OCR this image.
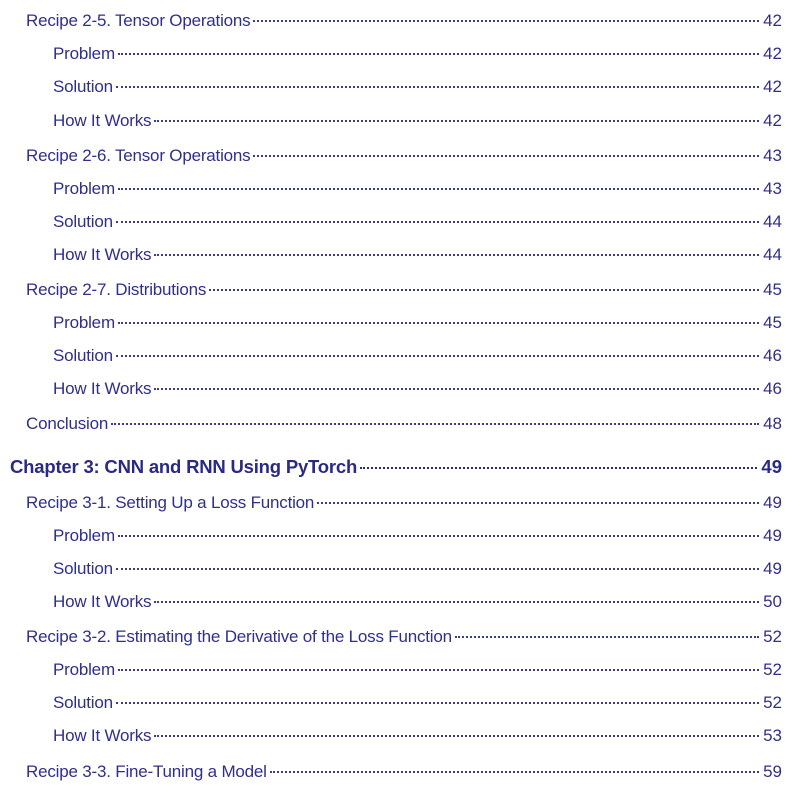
Recipe 2-5. Tensor Operations	42
Problem	42
Solution	42
How It Works	42
Recipe 2-6. Tensor Operations	43
Problem	43
Solution	44
How It Works	44
Recipe 2-7. Distributions	45
Problem	45
Solution	46
How It Works	46
Conclusion	48
Chapter 3: CNN and RNN Using PyTorch	49
Recipe 3-1. Setting Up a Loss Function	49
Problem	49
Solution	49
How It Works	50
Recipe 3-2. Estimating the Derivative of the Loss Function	52
Problem	52
Solution	52
How It Works	53
Recipe 3-3. Fine-Tuning a Model	59
